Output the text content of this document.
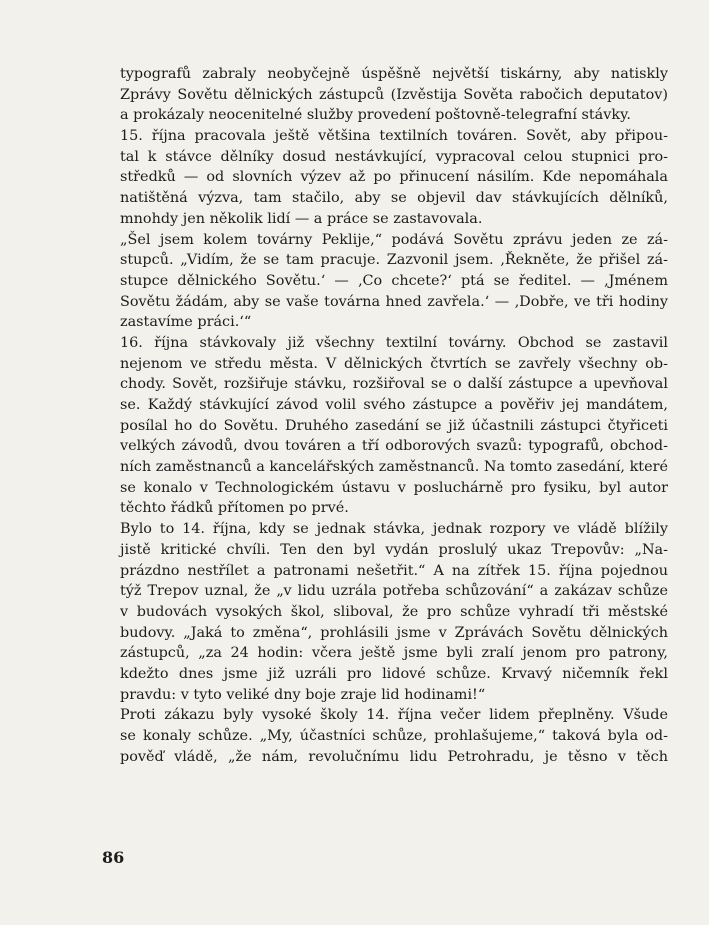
typografů zabraly neobyčejně úspěšně největší tiskárny, aby natiskly
Zprávy Sovětu dělnických zástupců (Izvěstija Sověta rabočich deputatov)
a prokázaly neocenitelné služby provedení poštovně-telegrafní stávky.
15. října pracovala ještě většina textilních továren. Sovět, aby připou-
tal k stávce dělníky dosud nestávkující, vypracoval celou stupnici pro-
středků — od slovních výzev až po přinucení násilím. Kde nepomáhala
natištěná výzva, tam stačilo, aby se objevil dav stávkujících dělníků,
mnohdy jen několik lidí — a práce se zastavovala.
„Šel jsem kolem továrny Peklije,“ podává Sovětu zprávu jeden ze zá-
stupců. „Vidím, že se tam pracuje. Zazvonil jsem. ‚Řekněte, že přišel zá-
stupce dělnického Sovětu.‘ — ‚Co chcete?‘ ptá se ředitel. — ‚Jménem
Sovětu žádám, aby se vaše továrna hned zavřela.‘ — ‚Dobře, ve tři hodiny
zastavíme práci.‘“
16. října stávkovaly již všechny textilní továrny. Obchod se zastavil
nejenom ve středu města. V dělnických čtvrtích se zavřely všechny ob-
chody. Sovět, rozšiřuje stávku, rozšiřoval se o další zástupce a upevňoval
se. Každý stávkující závod volil svého zástupce a pověřiv jej mandátem,
posílal ho do Sovětu. Druhého zasedání se již účastnili zástupci čtyřiceti
velkých závodů, dvou továren a tří odborových svazů: typografů, obchod-
ních zaměstnanců a kancelářských zaměstnanců. Na tomto zasedání, které
se konalo v Technologickém ústavu v posluchárně pro fysiku, byl autor
těchto řádků přítomen po prvé.
Bylo to 14. října, kdy se jednak stávka, jednak rozpory ve vládě blížily
jistě kritické chvíli. Ten den byl vydán proslulý ukaz Trepovův: „Na-
prázdno nestřílet a patronami nešetřit.“ A na zítřek 15. října pojednou
týž Trepov uznal, že „v lidu uzrála potřeba schůzování“ a zakázav schůze
v budovách vysokých škol, sliboval, že pro schůze vyhradí tři městské
budovy. „Jaká to změna“, prohlásili jsme v Zprávách Sovětu dělnických
zástupců, „za 24 hodin: včera ještě jsme byli zralí jenom pro patrony,
kdežto dnes jsme již uzráli pro lidové schůze. Krvavý ničemník řekl
pravdu: v tyto veliké dny boje zraje lid hodinami!“
Proti zákazu byly vysoké školy 14. října večer lidem přeplněny. Všude
se konaly schůze. „My, účastníci schůze, prohlašujeme,“ taková byla od-
pověď vládě, „že nám, revolučnímu lidu Petrohradu, je těsno v těch
86
